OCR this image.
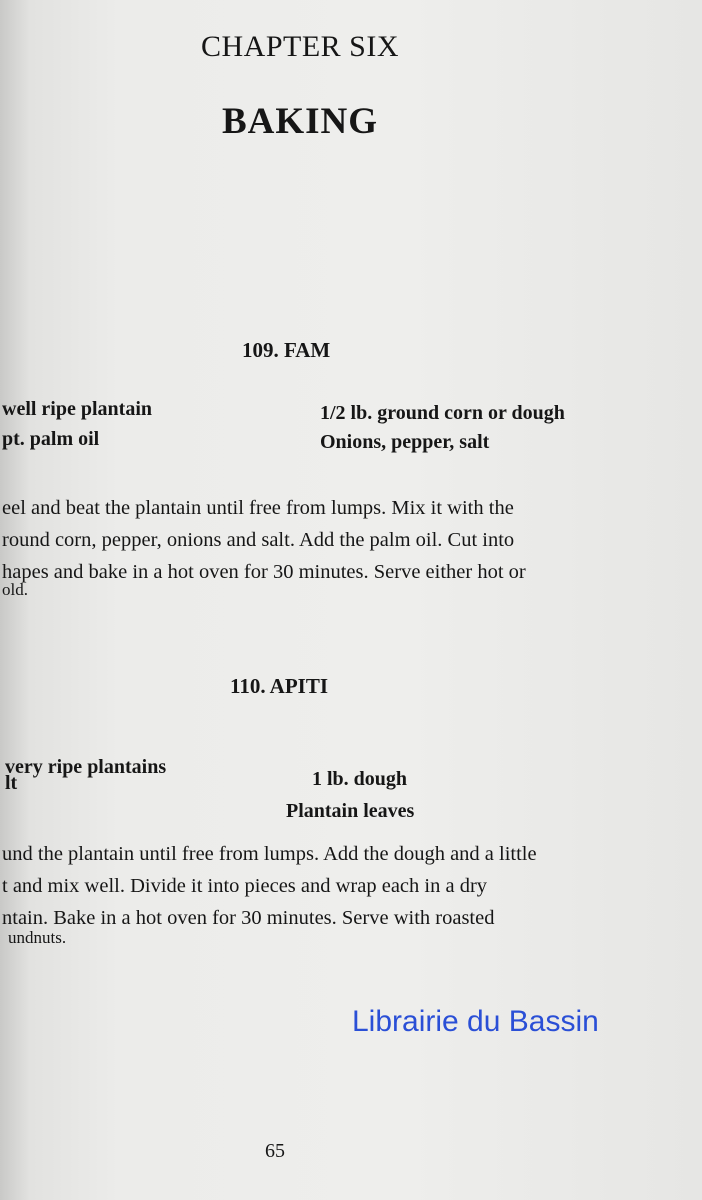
CHAPTER SIX
BAKING
109. FAM
well ripe plantain
pt. palm oil
1/2 lb. ground corn or dough
Onions, pepper, salt
eel and beat the plantain until free from lumps. Mix it with the
round corn, pepper, onions and salt. Add the palm oil. Cut into
hapes and bake in a hot oven for 30 minutes. Serve either hot or
old.
110. APITI
very ripe plantains
lt	1 lb. dough
Plantain leaves
und the plantain until free from lumps. Add the dough and a little
t and mix well. Divide it into pieces and wrap each in a dry
ntain. Bake in a hot oven for 30 minutes. Serve with roasted
undnuts.
Librairie du Bassin
65
